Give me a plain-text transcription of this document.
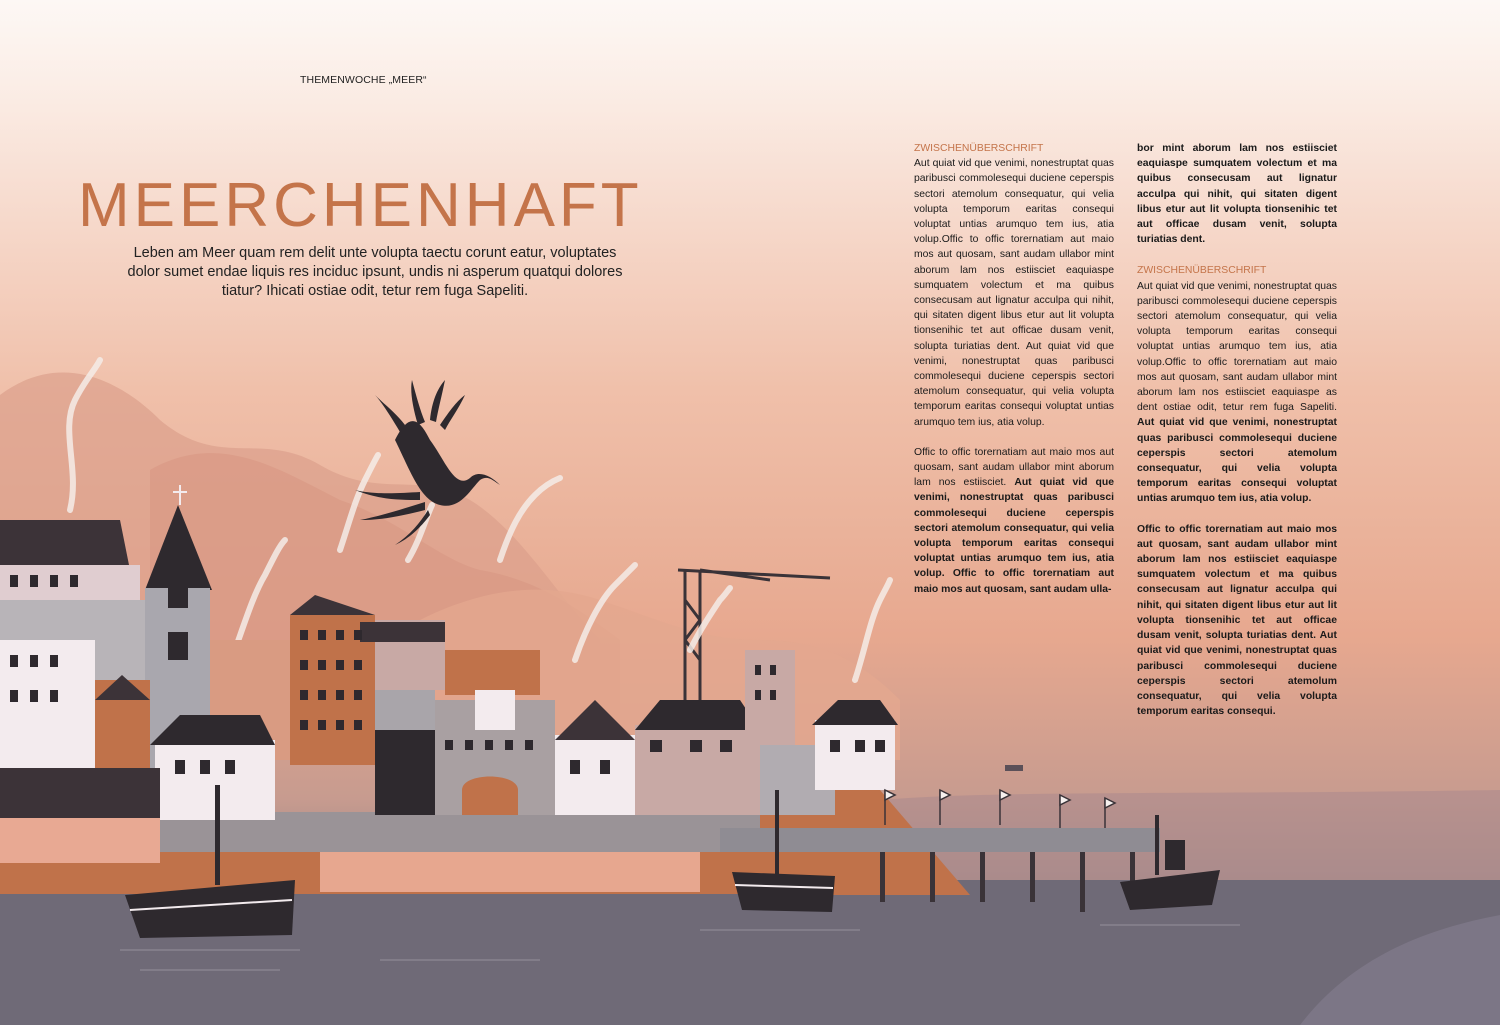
THEMENWOCHE „MEER“
MEERCHENHAFT
Leben am Meer quam rem delit unte volupta taectu corunt eatur, voluptates dolor sumet endae liquis res inciduc ipsunt, undis ni asperum quatqui dolores tiatur? Ihicati ostiae odit, tetur rem fuga Sapeliti.
ZWISCHENÜBERSCHRIFT

Aut quiat vid que venimi, nonestruptat quas paribusci commolesequi duciene ceperspis sectori atemolum consequatur, qui velia volupta temporum earitas consequi voluptat untias arumquo tem ius, atia volup.Offic to offic torernatiam aut maio mos aut quosam, sant audam ullabor mint aborum lam nos estiisciet eaquiaspe sumquatem volectum et ma quibus consecusam aut lignatur acculpa qui nihit, qui sitaten digent libus etur aut lit volupta tionsenihic tet aut officae dusam venit, solupta turiatias dent. Aut quiat vid que venimi, nonestruptat quas paribusci commolesequi duciene ceperspis sectori atemolum consequatur, qui velia volupta temporum earitas consequi voluptat untias arumquo tem ius, atia volup.

Offic to offic torernatiam aut maio mos aut quosam, sant audam ullabor mint aborum lam nos estiisciet. Aut quiat vid que venimi, nonestruptat quas paribusci commolesequi duciene ceperspis sectori atemolum consequatur, qui velia volupta temporum earitas consequi voluptat untias arumquo tem ius, atia volup. Offic to offic torernatiam aut maio mos aut quosam, sant audam ulla-

bor mint aborum lam nos estiisciet eaquiaspe sumquatem volectum et ma quibus consecusam aut lignatur acculpa qui nihit, qui sitaten digent libus etur aut lit volupta tionsenihic tet aut officae dusam venit, solupta turiatias dent.

ZWISCHENÜBERSCHRIFT

Aut quiat vid que venimi, nonestruptat quas paribusci commolesequi duciene ceperspis sectori atemolum consequatur, qui velia volupta temporum earitas consequi voluptat untias arumquo tem ius, atia volup.Offic to offic torernatiam aut maio mos aut quosam, sant audam ullabor mint aborum lam nos estiisciet eaquiaspe as dent ostiae odit, tetur rem fuga Sapeliti. Aut quiat vid que venimi, nonestruptat quas paribusci commolesequi duciene ceperspis sectori atemolum consequatur, qui velia volupta temporum earitas consequi voluptat untias arumquo tem ius, atia volup.

Offic to offic torernatiam aut maio mos aut quosam, sant audam ullabor mint aborum lam nos estiisciet eaquiaspe sumquatem volectum et ma quibus consecusam aut lignatur acculpa qui nihit, qui sitaten digent libus etur aut lit volupta tionsenihic tet aut officae dusam venit, solupta turiatias dent. Aut quiat vid que venimi, nonestruptat quas paribusci commolesequi duciene ceperspis sectori atemolum consequatur, qui velia volupta temporum earitas consequi.
